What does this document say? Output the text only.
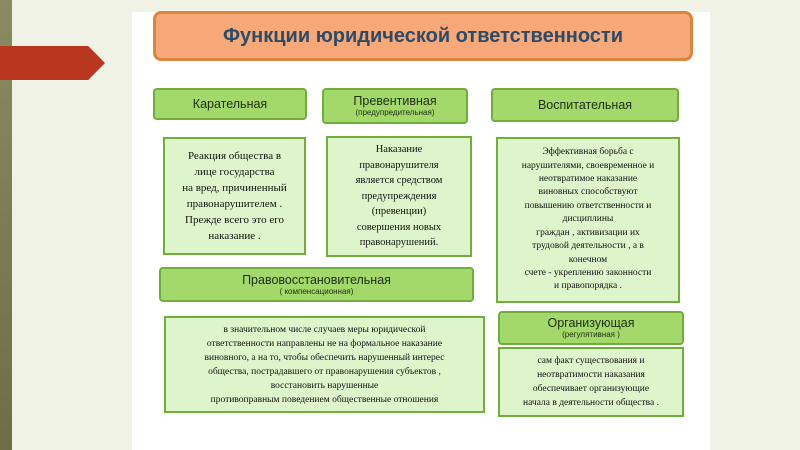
Функции юридической ответственности
Карательная
Реакция общества в
лице государства
на вред, причиненный
правонарушителем .
Прежде всего это его
наказание .
Превентивная
(предупредительная)
Наказание
правонарушителя
является средством
предупреждения
(превенции)
совершения новых
правонарушений.
Воспитательная
Эффективная борьба с
нарушителями, своевременное и
неотвратимое наказание
виновных способствуют
повышению ответственности и
дисциплины
граждан , активизации их
трудовой деятельности , а в
конечном
счете - укреплению законности
и правопорядка .
Правовосстановительная
( компенсационная)
в значительном числе случаев меры юридической
ответственности направлены не на формальное наказание
виновного, а на то, чтобы обеспечить нарушенный интерес
общества, пострадавшего от правонарушения субъектов ,
восстановить нарушенные
противоправным поведением общественные отношения
Организующая
(регулятивная )
сам факт существования и
неотвратимости наказания
обеспечивает организующие
начала в деятельности общества .
